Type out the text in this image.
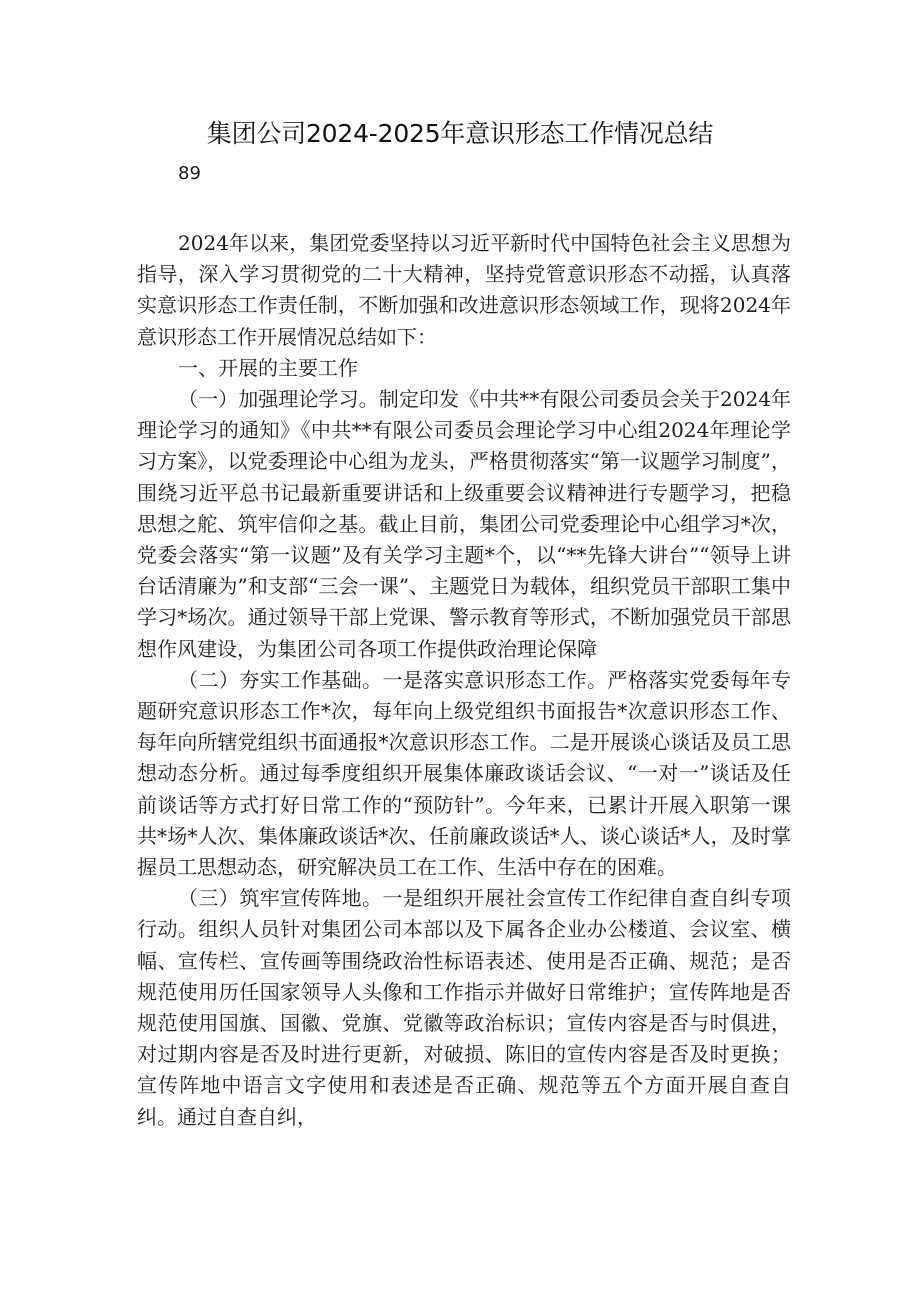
集团公司2024-2025年意识形态工作情况总结
89

2024年以来，集团党委坚持以习近平新时代中国特色社会主义思想为指导，深入学习贯彻党的二十大精神，坚持党管意识形态不动摇，认真落实意识形态工作责任制，不断加强和改进意识形态领域工作，现将2024年意识形态工作开展情况总结如下：

一、开展的主要工作

（一）加强理论学习。制定印发《中共**有限公司委员会关于2024年理论学习的通知》《中共**有限公司委员会理论学习中心组2024年理论学习方案》，以党委理论中心组为龙头，严格贯彻落实“第一议题学习制度”，围绕习近平总书记最新重要讲话和上级重要会议精神进行专题学习，把稳思想之舵、筑牢信仰之基。截止目前，集团公司党委理论中心组学习*次，党委会落实“第一议题”及有关学习主题*个，以“**先锋大讲台”“领导上讲台话清廉为”和支部“三会一课”、主题党日为载体，组织党员干部职工集中学习*场次。通过领导干部上党课、警示教育等形式，不断加强党员干部思想作风建设，为集团公司各项工作提供政治理论保障

（二）夯实工作基础。一是落实意识形态工作。严格落实党委每年专题研究意识形态工作*次，每年向上级党组织书面报告*次意识形态工作、每年向所辖党组织书面通报*次意识形态工作。二是开展谈心谈话及员工思想动态分析。通过每季度组织开展集体廉政谈话会议、“一对一”谈话及任前谈话等方式打好日常工作的“预防针”。今年来，已累计开展入职第一课共*场*人次、集体廉政谈话*次、任前廉政谈话*人、谈心谈话*人，及时掌握员工思想动态，研究解决员工在工作、生活中存在的困难。

（三）筑牢宣传阵地。一是组织开展社会宣传工作纪律自查自纠专项行动。组织人员针对集团公司本部以及下属各企业办公楼道、会议室、横幅、宣传栏、宣传画等围绕政治性标语表述、使用是否正确、规范；是否规范使用历任国家领导人头像和工作指示并做好日常维护；宣传阵地是否规范使用国旗、国徽、党旗、党徽等政治标识；宣传内容是否与时俱进，对过期内容是否及时进行更新，对破损、陈旧的宣传内容是否及时更换；宣传阵地中语言文字使用和表述是否正确、规范等五个方面开展自查自纠。通过自查自纠，
